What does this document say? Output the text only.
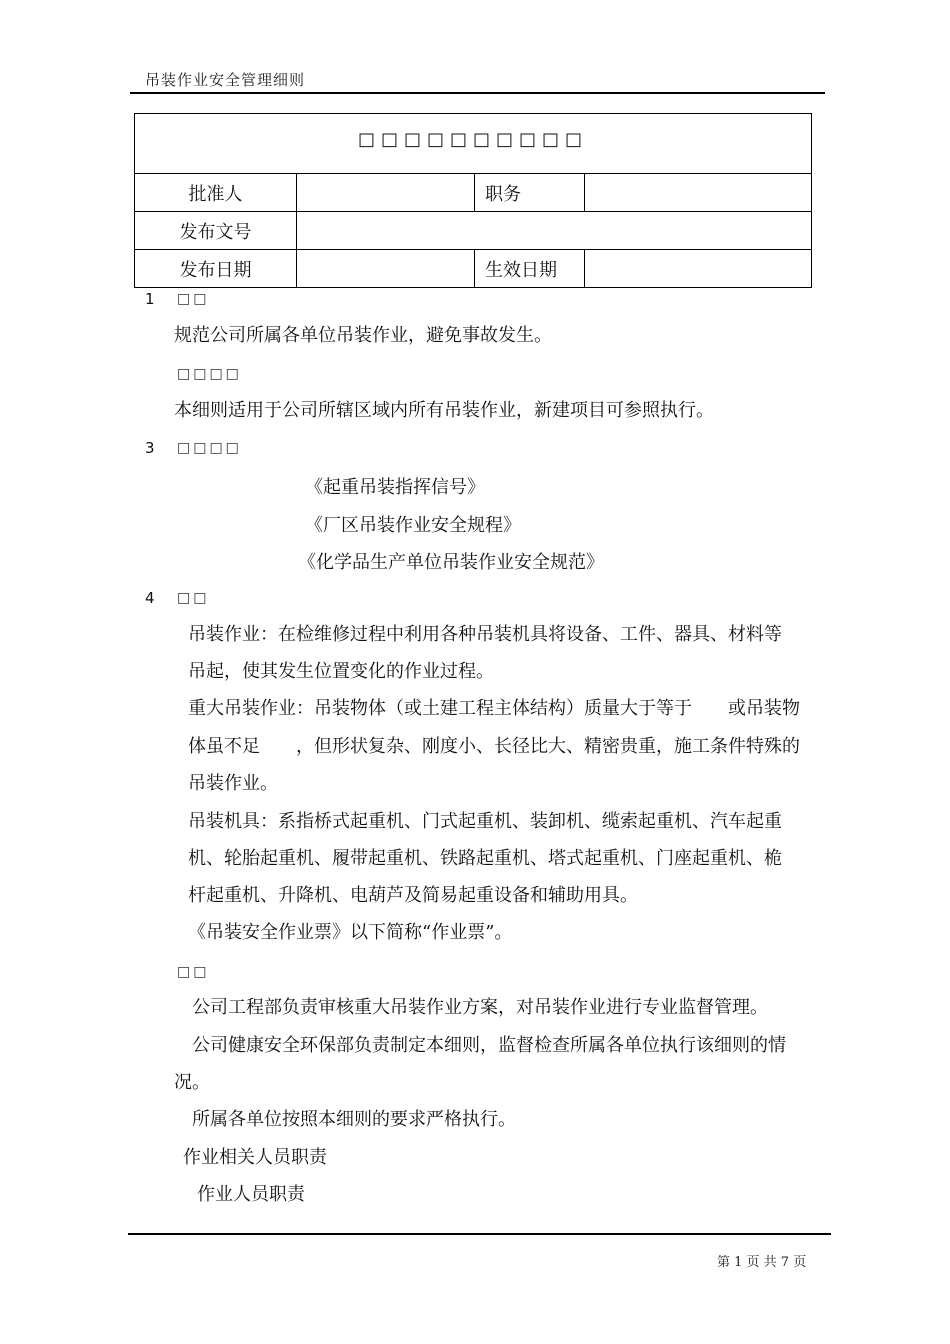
吊装作业安全管理细则
□□□□□□□□□□			
批准人		职务	
发布文号			
发布日期		生效日期	
1 □□
规范公司所属各单位吊装作业，避免事故发生。
□□□□
本细则适用于公司所辖区域内所有吊装作业，新建项目可参照执行。
3 □□□□
《起重吊装指挥信号》
《厂区吊装作业安全规程》
《化学品生产单位吊装作业安全规范》
4 □□
吊装作业：在检维修过程中利用各种吊装机具将设备、工件、器具、材料等
吊起，使其发生位置变化的作业过程。
重大吊装作业：吊装物体（或土建工程主体结构）质量大于等于　　或吊装物
体虽不足　　，但形状复杂、刚度小、长径比大、精密贵重，施工条件特殊的
吊装作业。
吊装机具：系指桥式起重机、门式起重机、装卸机、缆索起重机、汽车起重
机、轮胎起重机、履带起重机、铁路起重机、塔式起重机、门座起重机、桅
杆起重机、升降机、电葫芦及简易起重设备和辅助用具。
《吊装安全作业票》以下简称“作业票”。
□□
公司工程部负责审核重大吊装作业方案，对吊装作业进行专业监督管理。
公司健康安全环保部负责制定本细则，监督检查所属各单位执行该细则的情
况。
所属各单位按照本细则的要求严格执行。
作业相关人员职责
作业人员职责
第 1 页 共 7 页
